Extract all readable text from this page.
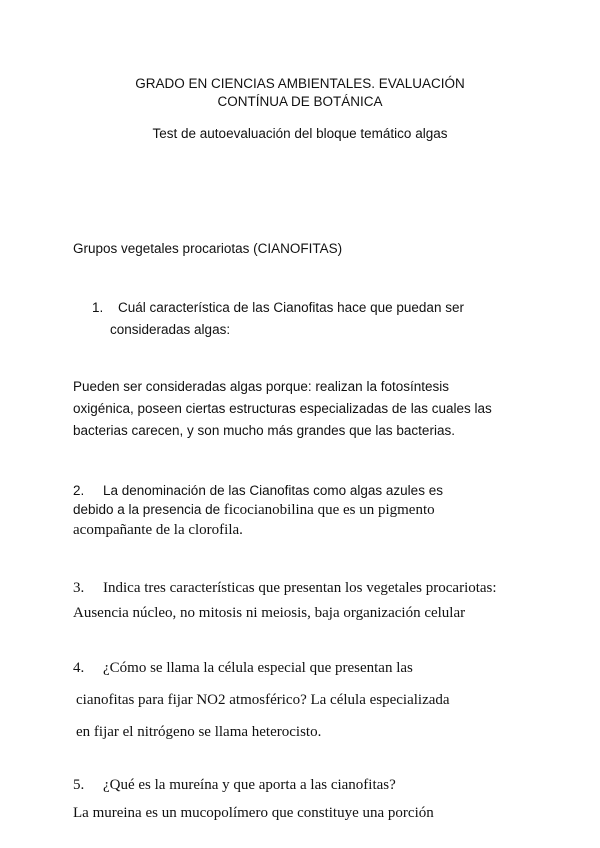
GRADO EN CIENCIAS AMBIENTALES. EVALUACIÓN
CONTÍNUA DE BOTÁNICA
Test de autoevaluación del bloque temático algas
Grupos vegetales procariotas (CIANOFITAS)
1. Cuál característica de las Cianofitas hace que puedan ser
consideradas algas:
Pueden ser consideradas algas porque: realizan la fotosíntesis
oxigénica, poseen ciertas estructuras especializadas de las cuales las
bacterias carecen, y son mucho más grandes que las bacterias.
2. La denominación de las Cianofitas como algas azules es
debido a la presencia de ficocianobilina que es un pigmento
acompañante de la clorofila.
3. Indica tres características que presentan los vegetales procariotas:
Ausencia núcleo, no mitosis ni meiosis, baja organización celular
4. ¿Cómo se llama la célula especial que presentan las
cianofitas para fijar NO2 atmosférico? La célula especializada
en fijar el nitrógeno se llama heterocisto.
5. ¿Qué es la mureína y que aporta a las cianofitas?
La mureina es un mucopolímero que constituye una porción
